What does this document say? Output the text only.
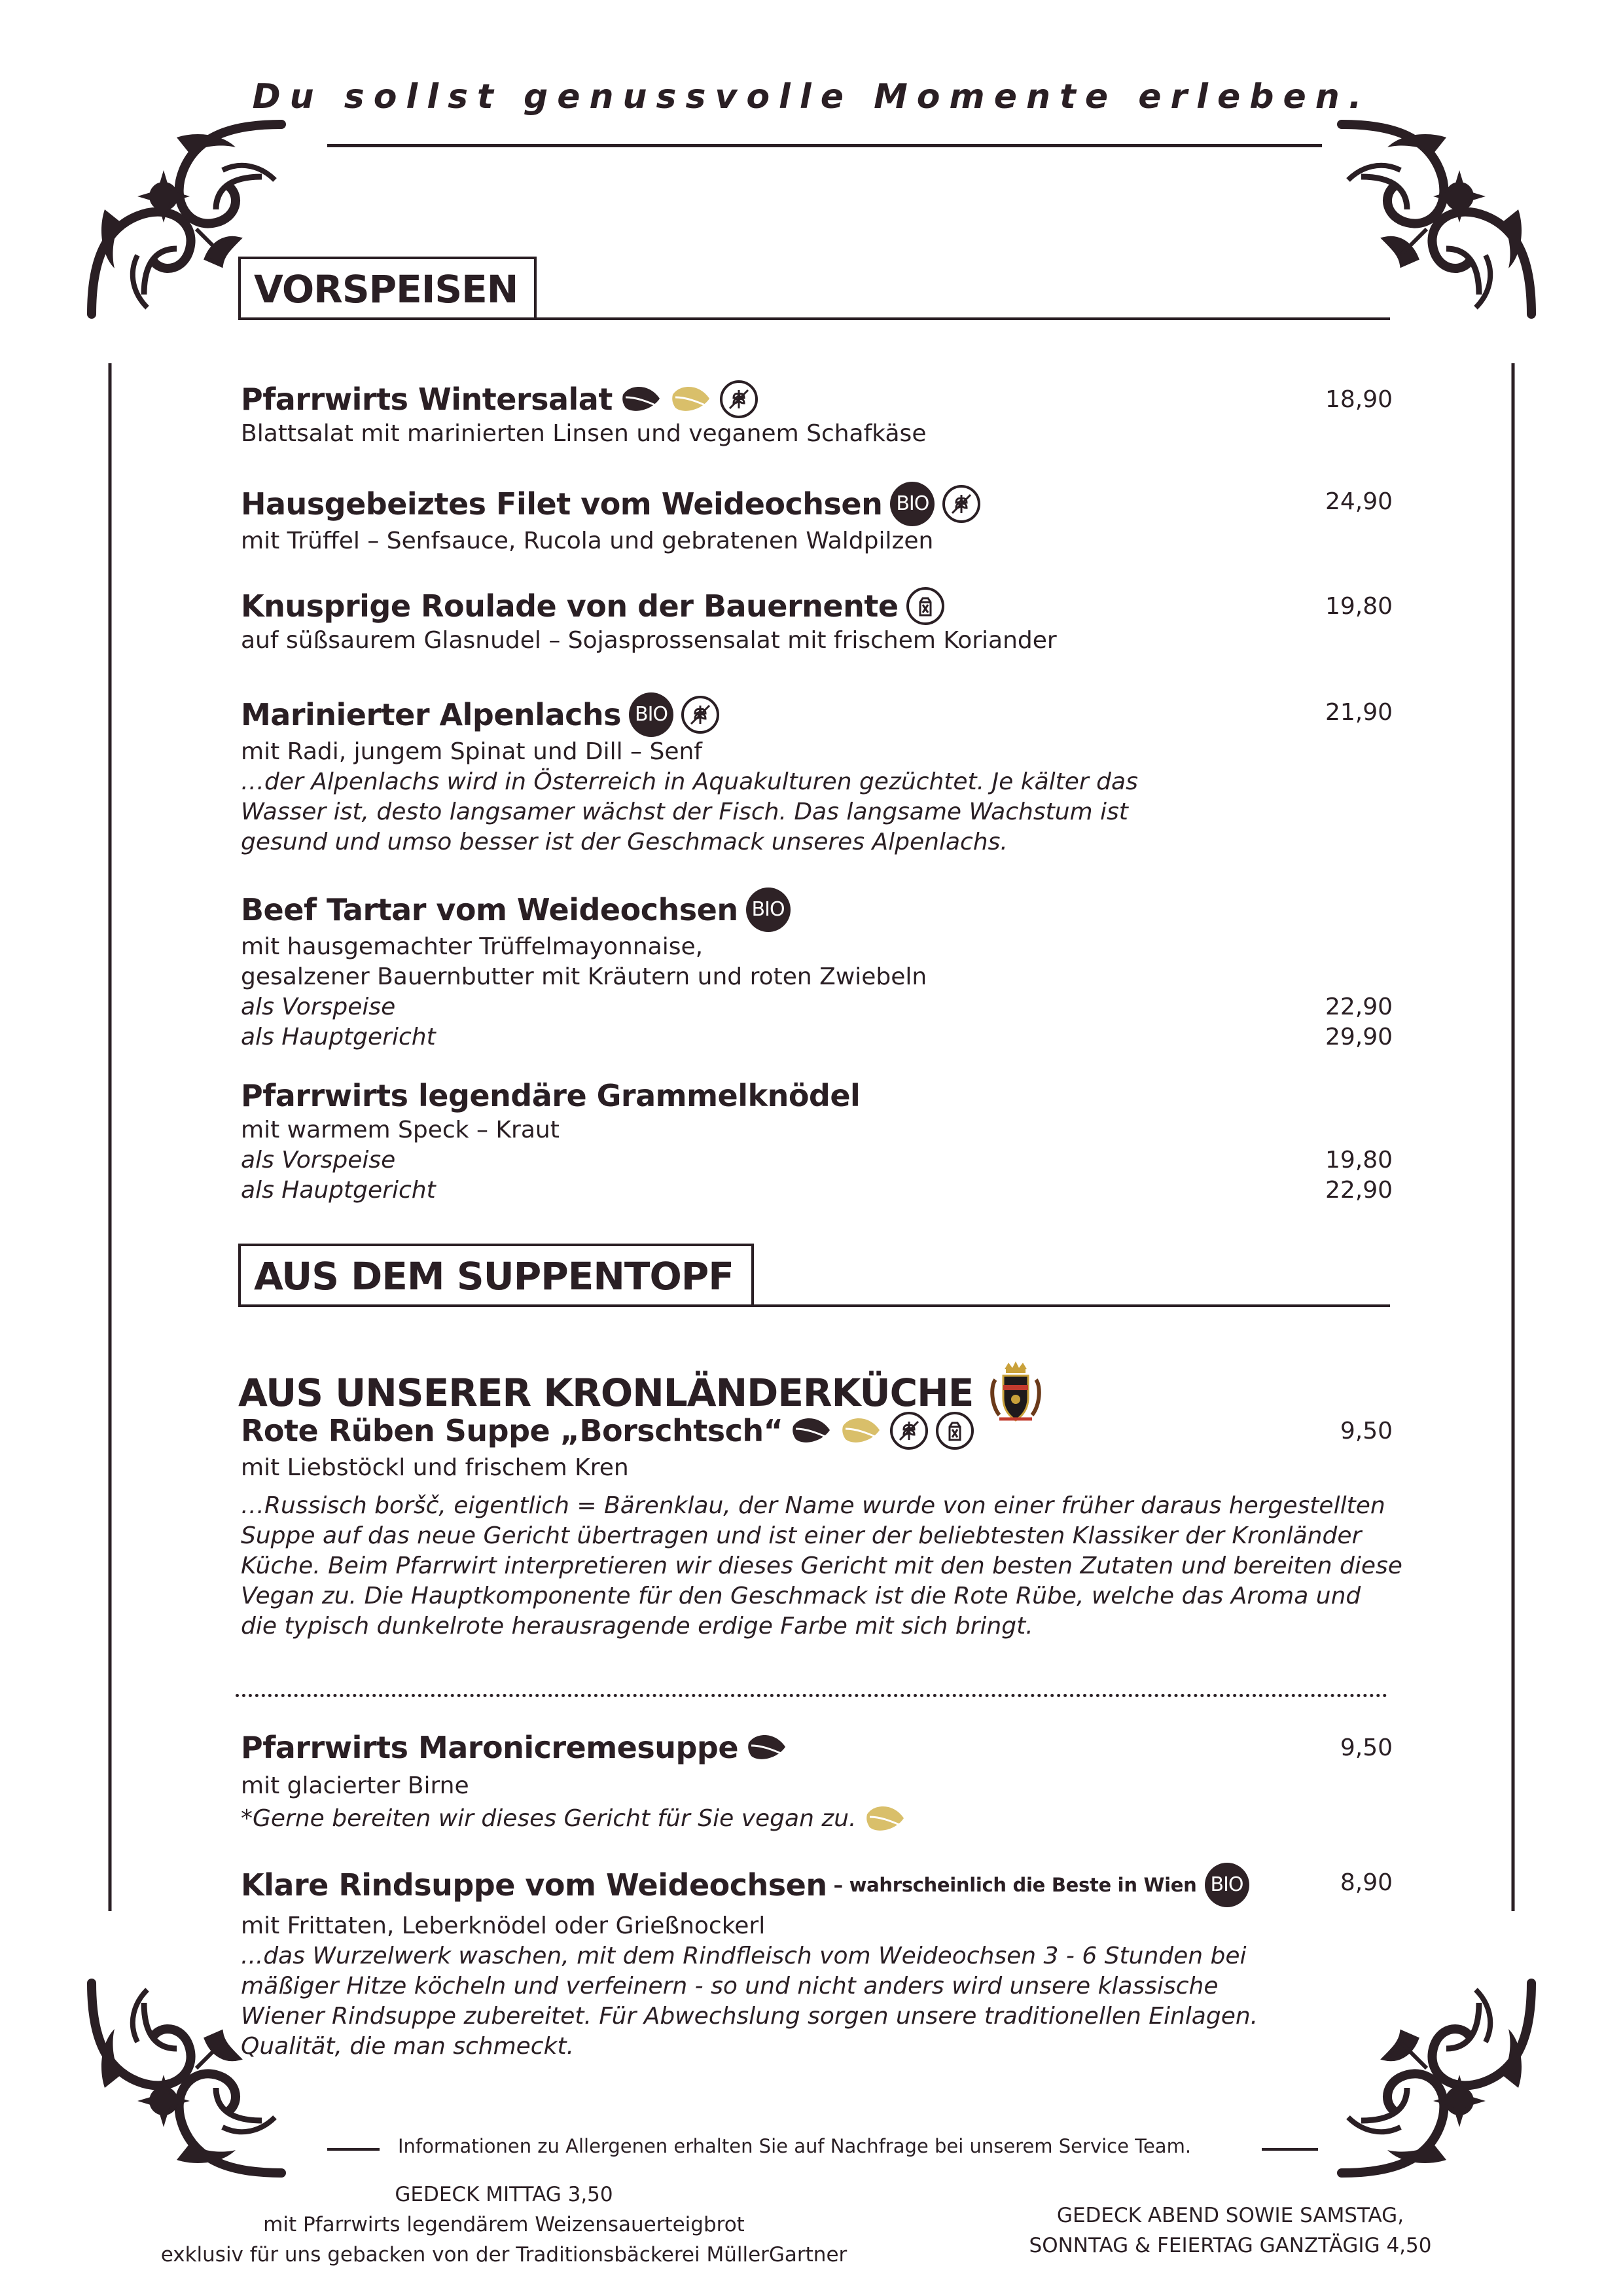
Du sollst genussvolle Momente erleben.
VORSPEISEN
Pfarrwirts Wintersalat	18,90
Blattsalat mit marinierten Linsen und veganem Schafkäse
Hausgebeiztes Filet vom Weideochsen BIO	24,90
mit Trüffel – Senfsauce, Rucola und gebratenen Waldpilzen
Knusprige Roulade von der Bauernente	19,80
auf süßsaurem Glasnudel – Sojasprossensalat mit frischem Koriander
Marinierter Alpenlachs BIO	21,90
mit Radi, jungem Spinat und Dill – Senf
…der Alpenlachs wird in Österreich in Aquakulturen gezüchtet. Je kälter das
Wasser ist, desto langsamer wächst der Fisch. Das langsame Wachstum ist
gesund und umso besser ist der Geschmack unseres Alpenlachs.
Beef Tartar vom Weideochsen BIO
mit hausgemachter Trüffelmayonnaise,
gesalzener Bauernbutter mit Kräutern und roten Zwiebeln
als Vorspeise	22,90
als Hauptgericht	29,90
Pfarrwirts legendäre Grammelknödel
mit warmem Speck – Kraut
als Vorspeise	19,80
als Hauptgericht	22,90
AUS DEM SUPPENTOPF
AUS UNSERER KRONLÄNDERKÜCHE
Rote Rüben Suppe „Borschtsch“	9,50
mit Liebstöckl und frischem Kren
…Russisch boršč, eigentlich = Bärenklau, der Name wurde von einer früher daraus hergestellten
Suppe auf das neue Gericht übertragen und ist einer der beliebtesten Klassiker der Kronländer
Küche. Beim Pfarrwirt interpretieren wir dieses Gericht mit den besten Zutaten und bereiten diese
Vegan zu. Die Hauptkomponente für den Geschmack ist die Rote Rübe, welche das Aroma und
die typisch dunkelrote herausragende erdige Farbe mit sich bringt.
Pfarrwirts Maronicremesuppe	9,50
mit glacierter Birne
*Gerne bereiten wir dieses Gericht für Sie vegan zu.
Klare Rindsuppe vom Weideochsen – wahrscheinlich die Beste in Wien BIO	8,90
mit Frittaten, Leberknödel oder Grießnockerl
...das Wurzelwerk waschen, mit dem Rindfleisch vom Weideochsen 3 - 6 Stunden bei
mäßiger Hitze köcheln und verfeinern - so und nicht anders wird unsere klassische
Wiener Rindsuppe zubereitet. Für Abwechslung sorgen unsere traditionellen Einlagen.
Qualität, die man schmeckt.
Informationen zu Allergenen erhalten Sie auf Nachfrage bei unserem Service Team.
GEDECK MITTAG 3,50
mit Pfarrwirts legendärem Weizensauerteigbrot
exklusiv für uns gebacken von der Traditionsbäckerei MüllerGartner
GEDECK ABEND SOWIE SAMSTAG,
SONNTAG & FEIERTAG GANZTÄGIG 4,50
